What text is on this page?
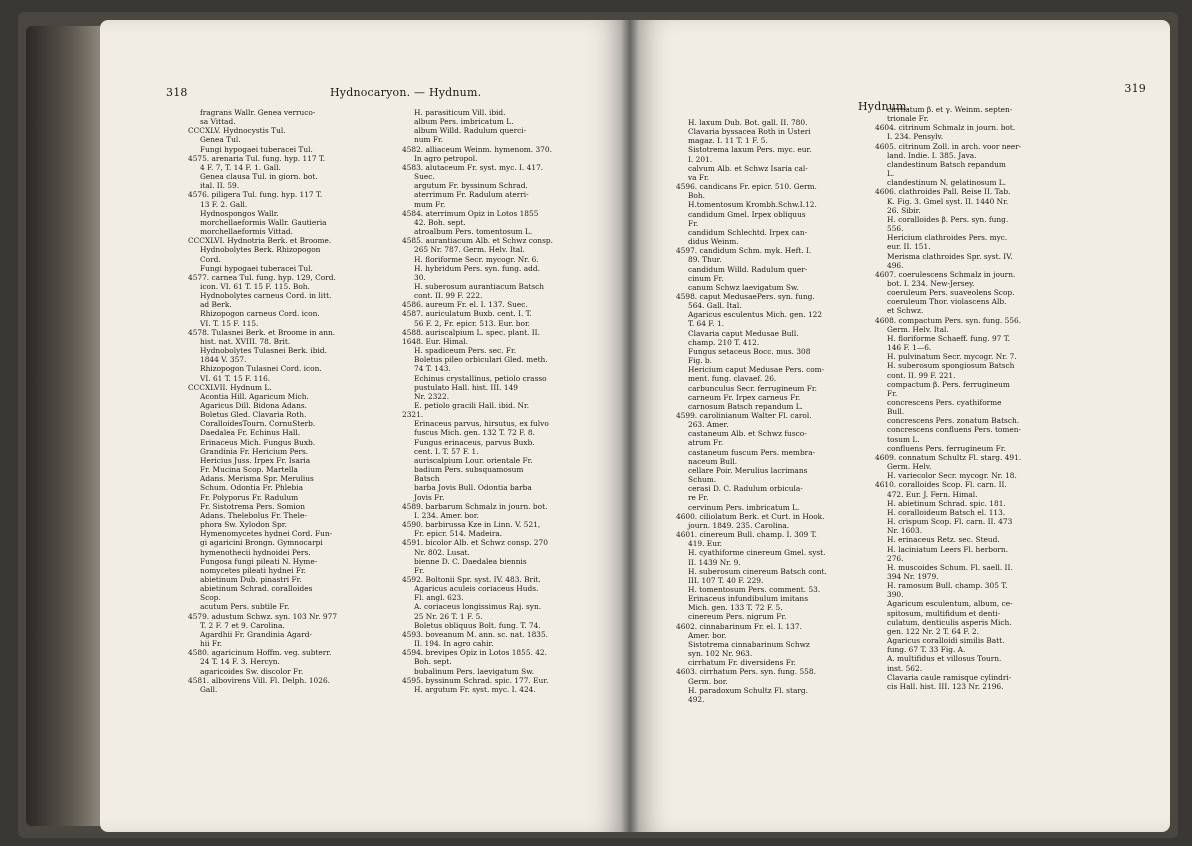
318	Hydnocaryon. — Hydnum.

fragrans Wallr. Genea verruco-

sa Vittad.

CCCXLV. Hydnocystis Tul.

Genea Tul.

Fungi hypogaei tuberacei Tul.

4575. arenaria Tul. fung. hyp. 117 T.

4 F. 7, T. 14 F. 1. Gall.

Genea clausa Tul. in giorn. bot.

ital. II. 59.

4576. piligera Tul. fung. hyp. 117 T.

13 F. 2. Gall.

Hydnospongos Wallr.

morchellaeformis Wallr. Gautieria

morchellaeformis Vittad.

CCCXLVI. Hydnotria Berk. et Broome.

Hydnobolytes Berk. Rhizopogon

Cord.

Fungi hypogaei tuberacei Tul.

4577. carnea Tul. fung. hyp. 129, Cord.

icon. VI. 61 T. 15 F. 115. Boh.

Hydnobolytes carneus Cord. in litt.

ad Berk.

Rhizopogon carneus Cord. icon.

VI. T. 15 F. 115.

4578. Tulasnei Berk. et Broome in ann.

hist. nat. XVIII. 78. Brit.

Hydnobolytes Tulasnei Berk. ibid.

1844 V. 357.

Rhizopogon Tulasnei Cord. icon.

VI. 61 T. 15 F. 116.

CCCXLVII. Hydnum L.

Acontia Hill. Agaricum Mich.

Agaricus Dill. Bidona Adans.

Boletus Gled. Clavaria Roth.

CoralloidesTourn. CornuSterb.

Daedalea Fr. Echinus Hall.

Erinaceus Mich. Fungus Buxb.

Grandinia Fr. Hericium Pers.

Hericius Juss. Irpex Fr. Isaria

Fr. Mucina Scop. Martella

Adans. Merisma Spr. Merulius

Schum. Odontia Fr. Phlebia

Fr. Polyporus Fr. Radulum

Fr. Sistotrema Pers. Somion

Adans. Thelebolus Fr. Thele-

phora Sw. Xylodon Spr.

Hymenomycetes hydnei Cord. Fun-

gi agaricini Brongn. Gymnocarpi

hymenothecii hydnoidei Pers.

Fungosa fungi pileati N. Hyme-

nomycetes pileati hydnei Fr.

abietinum Dub. pinastri Fr.

abietinum Schrad. coralloides

Scop.

acutum Pers. subtile Fr.

4579. adustum Schwz. syn. 103 Nr. 977

T. 2 F. 7 et 9. Carolina.

Agardhii Fr. Grandinia Agard-

hii Fr.

4580. agaricinum Hoffm. veg. subterr.

24 T. 14 F. 3. Hercyn.

agaricoides Sw. discolor Fr.

4581. albovirens Vill. Fl. Delph. 1026.

Gall.

H. parasiticum Vill. ibid.

album Pers. imbricatum L.

album Willd. Radulum querci-

num Fr.

4582. alliaceum Weinm. hymenom. 370.

In agro petropol.

4583. alutaceum Fr. syst. myc. I. 417.

Suec.

argutum Fr. byssinum Schrad.

aterrimum Fr. Radulum aterri-

mum Fr.

4584. aterrimum Opiz in Lotos 1855

42. Boh. sept.

atroalbum Pers. tomentosum L.

4585. aurantiacum Alb. et Schwz consp.

265 Nr. 787. Germ. Helv. Ital.

H. floriforme Secr. mycogr. Nr. 6.

H. hybridum Pers. syn. fung. add.

30.

H. suberosum aurantiacum Batsch

cont. II. 99 F. 222.

4586. aureum Fr. el. I. 137. Suec.

4587. auriculatum Buxb. cent. I. T.

56 F. 2, Fr. epicr. 513. Eur. bor.

4588. auriscalpium L. spec. plant. II.

1648. Eur. Himal.

H. spadiceum Pers. sec. Fr.

Boletus pileo orbiculari Gled. meth.

74 T. 143.

Echinus crystallinus, petiolo crasso

pustulato Hall. hist. III. 149

Nr. 2322.

E. petiolo gracili Hall. ibid. Nr.

2321.

Erinaceus parvus, hirsutus, ex fulvo

fuscus Mich. gen. 132 T. 72 F. 8.

Fungus erinaceus, parvus Buxb.

cent. I. T. 57 F. 1.

auriscalpium Lour. orientale Fr.

badium Pers. subsquamosum

Batsch

barba Jovis Bull. Odontia barba

Jovis Fr.

4589. barbarum Schmalz in journ. bot.

I. 234. Amer. bor.

4590. barbirussa Kze in Linn. V. 521,

Fr. epicr. 514. Madeira.

4591. bicolor Alb. et Schwz consp. 270

Nr. 802. Lusat.

biennе D. C. Daedalea biennis

Fr.

4592. Boltonii Spr. syst. IV. 483. Brit.

Agaricus aculeis coriaceus Huds.

Fl. angl. 623.

A. coriaceus longissimus Raj. syn.

25 Nr. 26 T. 1 F. 5.

Boletus obliquus Bolt. fung. T. 74.

4593. boveanum M. ann. sc. nat. 1835.

II. 194. In agro cahir.

4594. brevipes Opiz in Lotos 1855. 42.

Boh. sept.

bubalinum Pers. laevigatum Sw.

4595. byssinum Schrad. spic. 177. Eur.

H. argutum Fr. syst. myc. I. 424.

319
Hydnum.

H. laxum Dub. Bot. gall. II. 780.

Clavaria byssacea Roth in Usteri

magaz. I. 11 T. 1 F. 5.

Sistotrema laxum Pers. myc. eur.

I. 201.

calvum Alb. et Schwz Isaria cal-

va Fr.

4596. candicans Fr. epicr. 510. Germ.

Boh.

H.tomentosum Krombh.Schw.I.12.

candidum Gmel. Irpex obliquus

Fr.

candidum Schlechtd. Irpex can-

didus Weinm.

4597. candidum Schm. myk. Heft. I.

89. Thur.

candidum Willd. Radulum quer-

cinum Fr.

canum Schwz laevigatum Sw.

4598. caput MedusaePers. syn. fung.

564. Gall. Ital.

Agaricus esculentus Mich. gen. 122

T. 64 F. 1.

Clavaria caput Medusae Bull.

champ. 210 T. 412.

Fungus setaceus Bocc. mus. 308

Fig. b.

Hericium caput Medusae Pers. com-

ment. fung. clavaef. 26.

carbunculus Secr. ferrugineum Fr.

carneum Fr. Irpex carneus Fr.

carnosum Batsch repandum L.

4599. carolinianum Walter Fl. carol.

263. Amer.

castaneum Alb. et Schwz fusco-

atrum Fr.

castaneum fuscum Pers. membra-

naceum Bull.

cellare Poir. Merulius lacrimans

Schum.

cerasi D. C. Radulum orbicula-

re Fr.

cervinum Pers. imbricatum L.

4600. ciliolatum Berk. et Curt. in Hook.

journ. 1849. 235. Carolina.

4601. cinereum Bull. champ. I. 309 T.

419. Eur.

H. cyathiforme cinereum Gmel. syst.

II. 1439 Nr. 9.

H. suberosum cinereum Batsch cont.

III. 107 T. 40 F. 229.

H. tomentosum Pers. comment. 53.

Erinaceus infundibulum imitans

Mich. gen. 133 T. 72 F. 5.

cinereum Pers. nigrum Fr.

4602. cinnabarinum Fr. el. I. 137.

Amer. bor.

Sistotrema cinnabarinum Schwz

syn. 102 Nr. 963.

cirrhatum Fr. diversidens Fr.

4603. cirrhatum Pers. syn. fung. 558.

Germ. bor.

H. paradoxum Schultz Fl. starg.

492.

cirrhatum β. et γ. Weinm. septen-

trionale Fr.

4604. citrinum Schmalz in journ. bot.

I. 234. Pensylv.

4605. citrinum Zoll. in arch. voor neer-

land. Indie. I. 385. Java.

clandestinum Batsch repandum

L.

clandestinum N. gelatinosum L.

4606. clathroides Pall. Reise II. Tab.

K. Fig. 3. Gmel syst. II. 1440 Nr.

26. Sibir.

H. coralloides β. Pers. syn. fung.

556.

Hericium clathroides Pers. myc.

eur. II. 151.

Merisma clathroides Spr. syst. IV.

496.

4607. coerulescens Schmalz in journ.

bot. I. 234. New-Jersey.

coeruleum Pers. suaveolens Scop.

coeruleum Thor. violascens Alb.

et Schwz.

4608. compactum Pers. syn. fung. 556.

Germ. Helv. Ital.

H. floriforme Schaeff. fung. 97 T.

146 F. 1—6.

H. pulvinatum Secr. mycogr. Nr. 7.

H. suberosum spongiosum Batsch

cont. II. 99 F. 221.

compactum β. Pers. ferrugineum

Fr.

concrescens Pers. cyathiforme

Bull.

concrescens Pers. zonatum Batsch.

concrescens confluens Pers. tomen-

tosum L.

confluens Pers. ferrugineum Fr.

4609. connatum Schultz Fl. starg. 491.

Germ. Helv.

H. variecolor Secr. mycogr. Nr. 18.

4610. coralloides Scop. Fl. carn. II.

472. Eur. J. Fern. Himal.

H. abietinum Schrad. spic. 181.

H. coralloideum Batsch el. 113.

H. crispum Scop. Fl. carn. II. 473

Nr. 1603.

H. erinaceus Retz. sec. Steud.

H. laciniatum Leers Fl. herborn.

276.

H. muscoides Schum. Fl. saell. II.

394 Nr. 1979.

H. ramosum Bull. champ. 305 T.

390.

Agaricum esculentum, album, ce-

spitosum, multifidum et denti-

culatum, denticulis asperis Mich.

gen. 122 Nr. 2 T. 64 F. 2.

Agaricus coralloidi similis Batt.

fung. 67 T. 33 Fig. A.

A. multifidus et villosus Tourn.

inst. 562.

Clavaria caule ramisque cylindri-

cis Hall. hist. III. 123 Nr. 2196.
